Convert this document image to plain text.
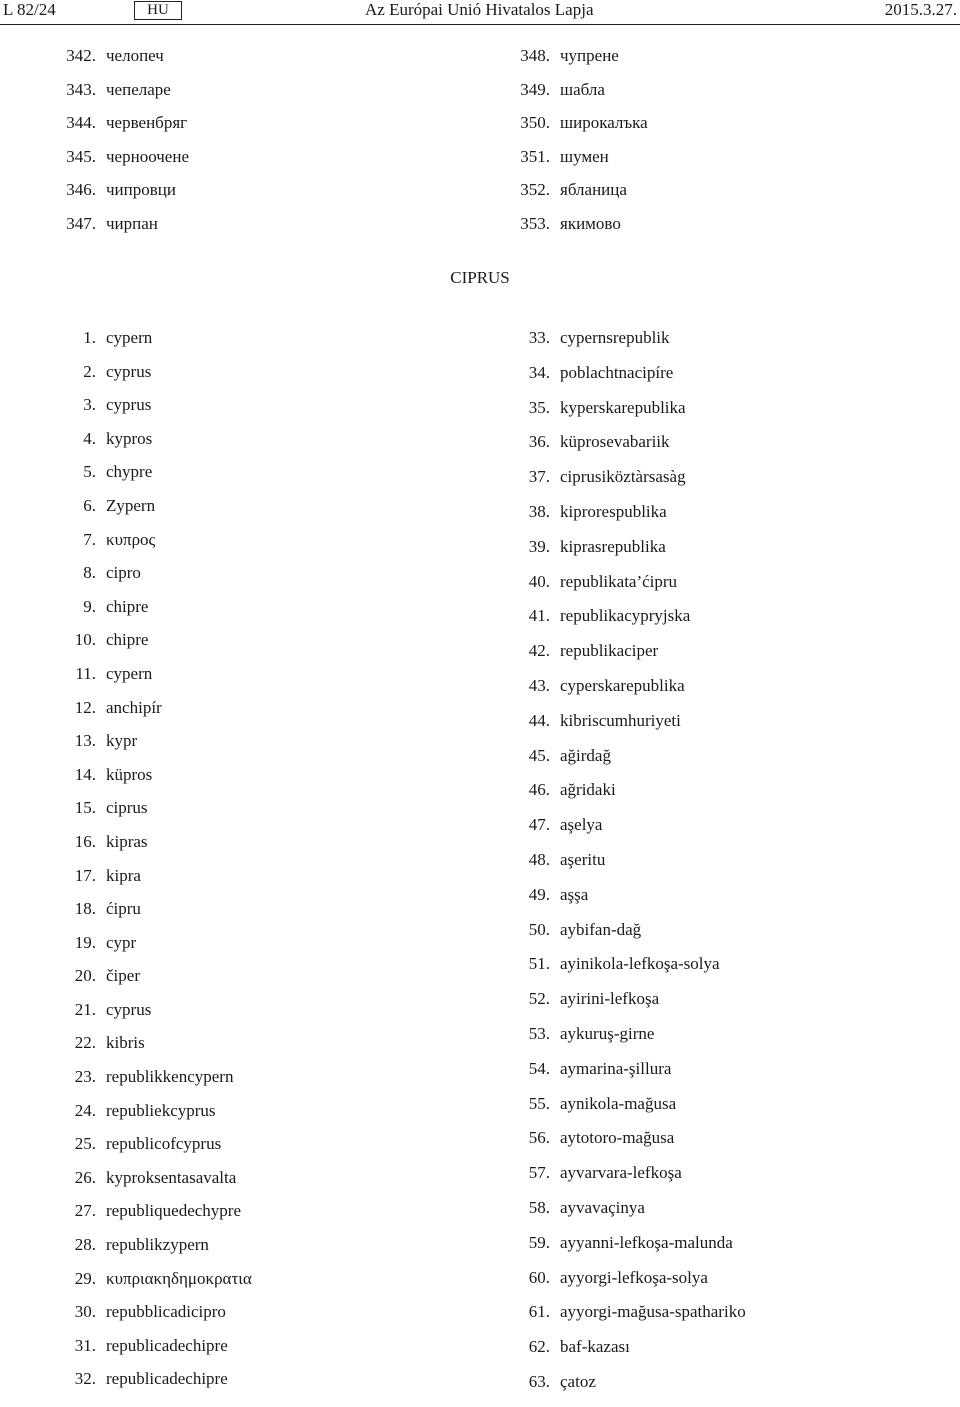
L 82/24	HU	Az Európai Unió Hivatalos Lapja	2015.3.27.
342. челопеч
343. чепеларе
344. червенбряг
345. черноочене
346. чипровци
347. чирпан
348. чупрене
349. шабла
350. широкалъка
351. шумен
352. ябланица
353. якимово
CIPRUS
1. cypern
2. cyprus
3. cyprus
4. kypros
5. chypre
6. Zypern
7. κυπρος
8. cipro
9. chipre
10. chipre
11. cypern
12. anchipír
13. kypr
14. küpros
15. ciprus
16. kipras
17. kipra
18. ćipru
19. cypr
20. čiper
21. cyprus
22. kibris
23. republikkencypern
24. republiekcyprus
25. republicofcyprus
26. kyproksentasavalta
27. republiquedechypre
28. republikzypern
29. κυπριακηδημοκρατια
30. repubblicadicipro
31. republicadechipre
32. republicadechipre
33. cypernsrepublik
34. poblachtnacipíre
35. kyperskarepublika
36. küprosevabariik
37. ciprusiköztàrsasàg
38. kiprorespublika
39. kiprasrepublika
40. republikata’ćipru
41. republikacypryjska
42. republikaciper
43. cyperskarepublika
44. kibriscumhuriyeti
45. ağirdağ
46. ağridaki
47. aşelya
48. aşeritu
49. aşşa
50. aybifan-dağ
51. ayinikola-lefkoşa-solya
52. ayirini-lefkoşa
53. aykuruş-girne
54. aymarina-şillura
55. aynikola-mağusa
56. aytotoro-mağusa
57. ayvarvara-lefkoşa
58. ayvavaçinya
59. ayyanni-lefkoşa-malunda
60. ayyorgi-lefkoşa-solya
61. ayyorgi-mağusa-spathariko
62. baf-kazası
63. çatoz
